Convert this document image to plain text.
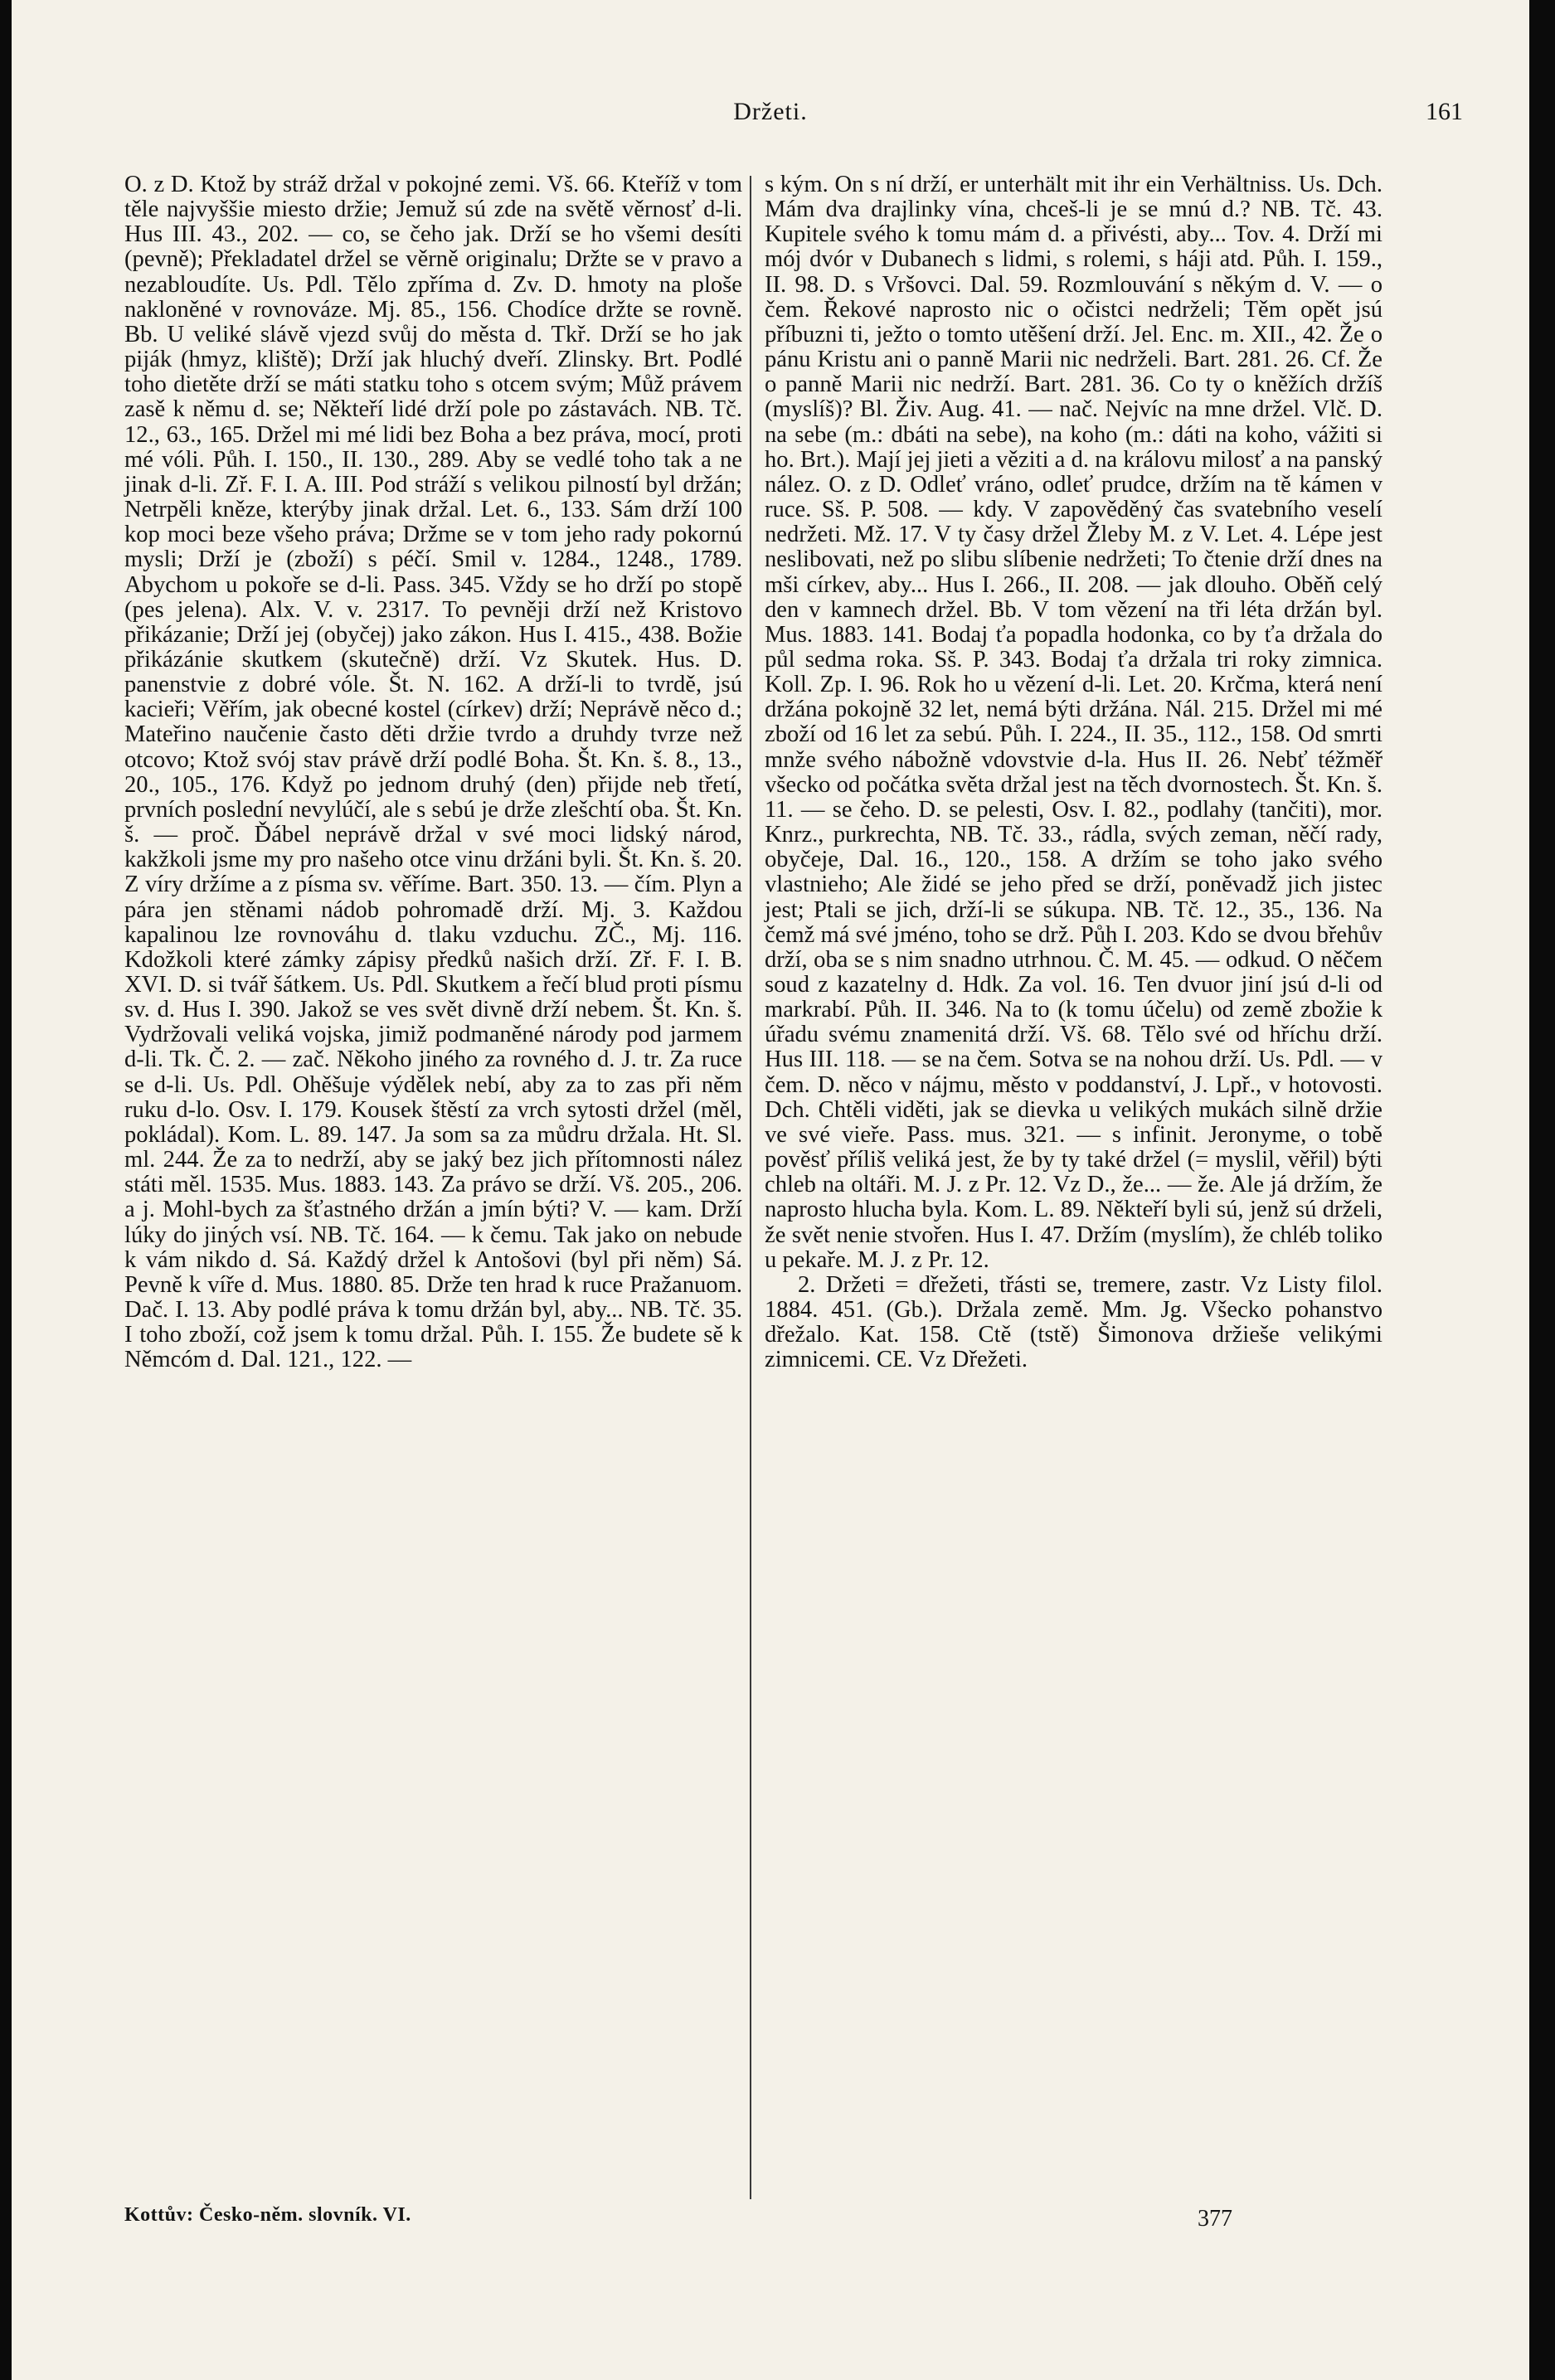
Držeti.	161

O. z D. Ktož by stráž držal v pokojné zemi. Vš. 66. Kteříž v tom těle najvyššie miesto držie; Jemuž sú zde na světě věrnosť d-li. Hus III. 43., 202. — co, se čeho jak. Drží se ho všemi desíti (pevně); Překladatel držel se věrně originalu; Držte se v pravo a nezabloudíte. Us. Pdl. Tělo zpříma d. Zv. D. hmoty na ploše nakloněné v rovnováze. Mj. 85., 156. Chodíce držte se rovně. Bb. U veliké slávě vjezd svůj do města d. Tkř. Drží se ho jak piják (hmyz, kliště); Drží jak hluchý dveří. Zlinsky. Brt. Podlé toho dietěte drží se máti statku toho s otcem svým; Můž právem zasě k němu d. se; Někteří lidé drží pole po zástavách. NB. Tč. 12., 63., 165. Držel mi mé lidi bez Boha a bez práva, mocí, proti mé vóli. Půh. I. 150., II. 130., 289. Aby se vedlé toho tak a ne jinak d-li. Zř. F. I. A. III. Pod stráží s velikou pilností byl držán; Netrpěli kněze, kterýby jinak držal. Let. 6., 133. Sám drží 100 kop moci beze všeho práva; Držme se v tom jeho rady pokornú mysli; Drží je (zboží) s péčí. Smil v. 1284., 1248., 1789. Abychom u pokoře se d-li. Pass. 345. Vždy se ho drží po stopě (pes jelena). Alx. V. v. 2317. To pevněji drží než Kristovo přikázanie; Drží jej (obyčej) jako zákon. Hus I. 415., 438. Božie přikázánie skutkem (skutečně) drží. Vz Skutek. Hus. D. panenstvie z dobré vóle. Št. N. 162. A drží-li to tvrdě, jsú kacieři; Věřím, jak obecné kostel (církev) drží; Neprávě něco d.; Mateřino naučenie často děti držie tvrdo a druhdy tvrze než otcovo; Ktož svój stav právě drží podlé Boha. Št. Kn. š. 8., 13., 20., 105., 176. Když po jednom druhý (den) přijde neb třetí, prvních poslední nevylúčí, ale s sebú je drže zlešchtí oba. Št. Kn. š. — proč. Ďábel neprávě držal v své moci lidský národ, kakžkoli jsme my pro našeho otce vinu držáni byli. Št. Kn. š. 20. Z víry držíme a z písma sv. věříme. Bart. 350. 13. — čím. Plyn a pára jen stěnami nádob pohromadě drží. Mj. 3. Každou kapalinou lze rovnováhu d. tlaku vzduchu. ZČ., Mj. 116. Kdožkoli které zámky zápisy předků našich drží. Zř. F. I. B. XVI. D. si tvář šátkem. Us. Pdl. Skutkem a řečí blud proti písmu sv. d. Hus I. 390. Jakož se ves svět divně drží nebem. Št. Kn. š. Vydržovali veliká vojska, jimiž podmaněné národy pod jarmem d-li. Tk. Č. 2. — zač. Někoho jiného za rovného d. J. tr. Za ruce se d-li. Us. Pdl. Ohěšuje výdělek nebí, aby za to zas při něm ruku d-lo. Osv. I. 179. Kousek štěstí za vrch sytosti držel (měl, pokládal). Kom. L. 89. 147. Ja som sa za můdru držala. Ht. Sl. ml. 244. Že za to nedrží, aby se jaký bez jich přítomnosti nález státi měl. 1535. Mus. 1883. 143. Za právo se drží. Vš. 205., 206. a j. Mohl-bych za šťastného držán a jmín býti? V. — kam. Drží lúky do jiných vsí. NB. Tč. 164. — k čemu. Tak jako on nebude k vám nikdo d. Sá. Každý držel k Antošovi (byl při něm) Sá. Pevně k víře d. Mus. 1880. 85. Drže ten hrad k ruce Pražanuom. Dač. I. 13. Aby podlé práva k tomu držán byl, aby... NB. Tč. 35. I toho zboží, což jsem k tomu držal. Půh. I. 155. Že budete sě k Němcóm d. Dal. 121., 122. —

s kým. On s ní drží, er unterhält mit ihr ein Verhältniss. Us. Dch. Mám dva drajlinky vína, chceš-li je se mnú d.? NB. Tč. 43. Kupitele svého k tomu mám d. a přivésti, aby... Tov. 4. Drží mi mój dvór v Dubanech s lidmi, s rolemi, s háji atd. Půh. I. 159., II. 98. D. s Vršovci. Dal. 59. Rozmlouvání s někým d. V. — o čem. Řekové naprosto nic o očistci nedrželi; Těm opět jsú příbuzni ti, ježto o tomto utěšení drží. Jel. Enc. m. XII., 42. Že o pánu Kristu ani o panně Marii nic nedrželi. Bart. 281. 26. Cf. Že o panně Marii nic nedrží. Bart. 281. 36. Co ty o kněžích držíš (myslíš)? Bl. Živ. Aug. 41. — nač. Nejvíc na mne držel. Vlč. D. na sebe (m.: dbáti na sebe), na koho (m.: dáti na koho, vážiti si ho. Brt.). Mají jej jieti a věziti a d. na královu milosť a na panský nález. O. z D. Odleť vráno, odleť prudce, držím na tě kámen v ruce. Sš. P. 508. — kdy. V zapověděný čas svatebního veselí nedržeti. Mž. 17. V ty časy držel Žleby M. z V. Let. 4. Lépe jest neslibovati, než po slibu slíbenie nedržeti; To čtenie drží dnes na mši církev, aby... Hus I. 266., II. 208. — jak dlouho. Oběň celý den v kamnech držel. Bb. V tom vězení na tři léta držán byl. Mus. 1883. 141. Bodaj ťa popadla hodonka, co by ťa držala do půl sedma roka. Sš. P. 343. Bodaj ťa držala tri roky zimnica. Koll. Zp. I. 96. Rok ho u vězení d-li. Let. 20. Krčma, která není držána pokojně 32 let, nemá býti držána. Nál. 215. Držel mi mé zboží od 16 let za sebú. Půh. I. 224., II. 35., 112., 158. Od smrti mnže svého nábožně vdovstvie d-la. Hus II. 26. Nebť téžměř všecko od počátka světa držal jest na těch dvornostech. Št. Kn. š. 11. — se čeho. D. se pelesti, Osv. I. 82., podlahy (tančiti), mor. Knrz., purkrechta, NB. Tč. 33., rádla, svých zeman, něčí rady, obyčeje, Dal. 16., 120., 158. A držím se toho jako svého vlastnieho; Ale židé se jeho před se drží, poněvadž jich jistec jest; Ptali se jich, drží-li se súkupa. NB. Tč. 12., 35., 136. Na čemž má své jméno, toho se drž. Půh I. 203. Kdo se dvou břehův drží, oba se s nim snadno utrhnou. Č. M. 45. — odkud. O něčem soud z kazatelny d. Hdk. Za vol. 16. Ten dvuor jiní jsú d-li od markrabí. Půh. II. 346. Na to (k tomu účelu) od země zbožie k úřadu svému znamenitá drží. Vš. 68. Tělo své od hříchu drží. Hus III. 118. — se na čem. Sotva se na nohou drží. Us. Pdl. — v čem. D. něco v nájmu, město v poddanství, J. Lpř., v hotovosti. Dch. Chtěli viděti, jak se dievka u velikých mukách silně držie ve své vieře. Pass. mus. 321. — s infinit. Jeronyme, o tobě pověsť příliš veliká jest, že by ty také držel (= myslil, věřil) býti chleb na oltáři. M. J. z Pr. 12. Vz D., že... — že. Ale já držím, že naprosto hlucha byla. Kom. L. 89. Někteří byli sú, jenž sú drželi, že svět nenie stvořen. Hus I. 47. Držím (myslím), že chléb toliko u pekaře. M. J. z Pr. 12.

2. Držeti = dřežeti, třásti se, tremere, zastr. Vz Listy filol. 1884. 451. (Gb.). Držala země. Mm. Jg. Všecko pohanstvo dřežalo. Kat. 158. Ctě (tstě) Šimonova držieše velikými zimnicemi. CE. Vz Dřežeti.

Kottův: Česko-něm. slovník. VI.	377
